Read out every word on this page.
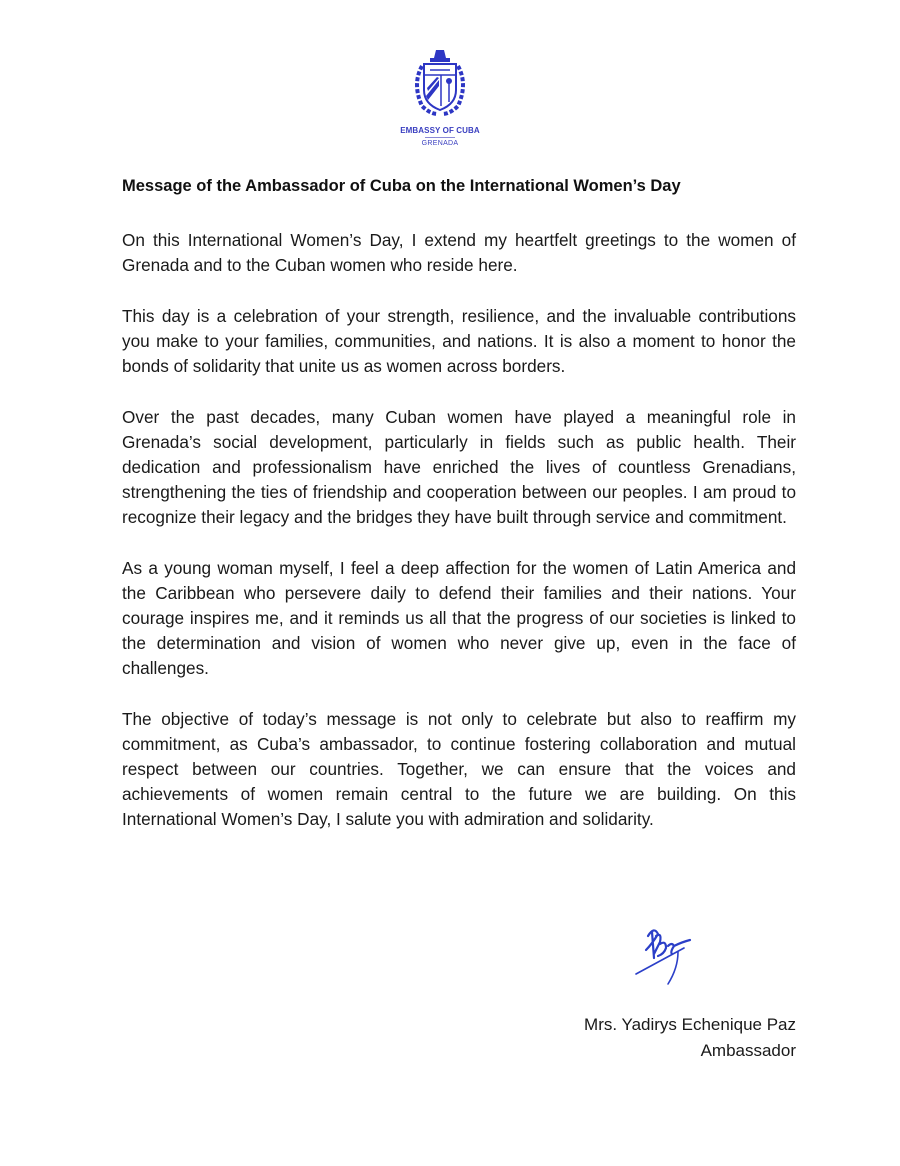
EMBASSY OF CUBA
GRENADA
Message of the Ambassador of Cuba on the International Women’s Day

On this International Women’s Day, I extend my heartfelt greetings to the women of Grenada and to the Cuban women who reside here.

This day is a celebration of your strength, resilience, and the invaluable contributions you make to your families, communities, and nations. It is also a moment to honor the bonds of solidarity that unite us as women across borders.

Over the past decades, many Cuban women have played a meaningful role in Grenada’s social development, particularly in fields such as public health. Their dedication and professionalism have enriched the lives of countless Grenadians, strengthening the ties of friendship and cooperation between our peoples. I am proud to recognize their legacy and the bridges they have built through service and commitment.

As a young woman myself, I feel a deep affection for the women of Latin America and the Caribbean who persevere daily to defend their families and their nations. Your courage inspires me, and it reminds us all that the progress of our societies is linked to the determination and vision of women who never give up, even in the face of challenges.

The objective of today’s message is not only to celebrate but also to reaffirm my commitment, as Cuba’s ambassador, to continue fostering collaboration and mutual respect between our countries. Together, we can ensure that the voices and achievements of women remain central to the future we are building. On this International Women’s Day, I salute you with admiration and solidarity.

Mrs. Yadirys Echenique Paz
Ambassador
